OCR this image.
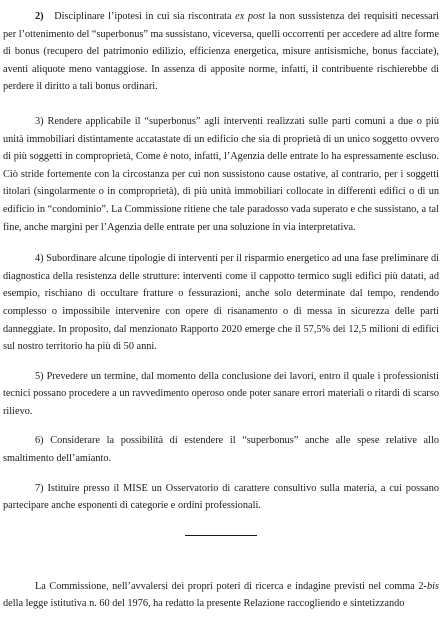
2) Disciplinare l’ipotesi in cui sia riscontrata ex post la non sussistenza dei requisiti necessari per l’ottenimento del “superbonus” ma sussistano, viceversa, quelli occorrenti per accedere ad altre forme di bonus (recupero del patrimonio edilizio, efficienza energetica, misure antisismiche, bonus facciate), aventi aliquote meno vantaggiose. In assenza di apposite norme, infatti, il contribuente rischierebbe di perdere il diritto a tali bonus ordinari.

3) Rendere applicabile il “superbonus” agli interventi realizzati sulle parti comuni a due o più unità immobiliari distintamente accatastate di un edificio che sia di proprietà di un unico soggetto ovvero di più soggetti in comproprietà, Come è noto, infatti, l’Agenzia delle entrate lo ha espressamente escluso. Ciò stride fortemente con la circostanza per cui non sussistono cause ostative, al contrario, per i soggetti titolari (singolarmente o in comproprietà), di più unità immobiliari collocate in differenti edifici o di un edificio in “condominio”. La Commissione ritiene che tale paradosso vada superato e che sussistano, a tal fine, anche margini per l’Agenzia delle entrate per una soluzione in via interpretativa.

4) Subordinare alcune tipologie di interventi per il risparmio energetico ad una fase preliminare di diagnostica della resistenza delle strutture: interventi come il cappotto termico sugli edifici più datati, ad esempio, rischiano di occultare fratture o fessurazioni, anche solo determinate dal tempo, rendendo complesso o impossibile intervenire con opere di risanamento o di messa in sicurezza delle parti danneggiate. In proposito, dal menzionato Rapporto 2020 emerge che il 57,5% dei 12,5 milioni di edifici sul nostro territorio ha più di 50 anni.

5) Prevedere un termine, dal momento della conclusione dei lavori, entro il quale i professionisti tecnici possano procedere a un ravvedimento operoso onde poter sanare errori materiali o ritardi di scarso rilievo.

6) Considerare la possibilità di estendere il “superbonus” anche alle spese relative allo smaltimento dell’amianto.

7) Istituire presso il MISE un Osservatorio di carattere consultivo sulla materia, a cui possano partecipare anche esponenti di categorie e ordini professionali.

La Commissione, nell’avvalersi dei propri poteri di ricerca e indagine previsti nel comma 2-bis della legge istitutiva n. 60 del 1976, ha redatto la presente Relazione raccogliendo e sintetizzando
